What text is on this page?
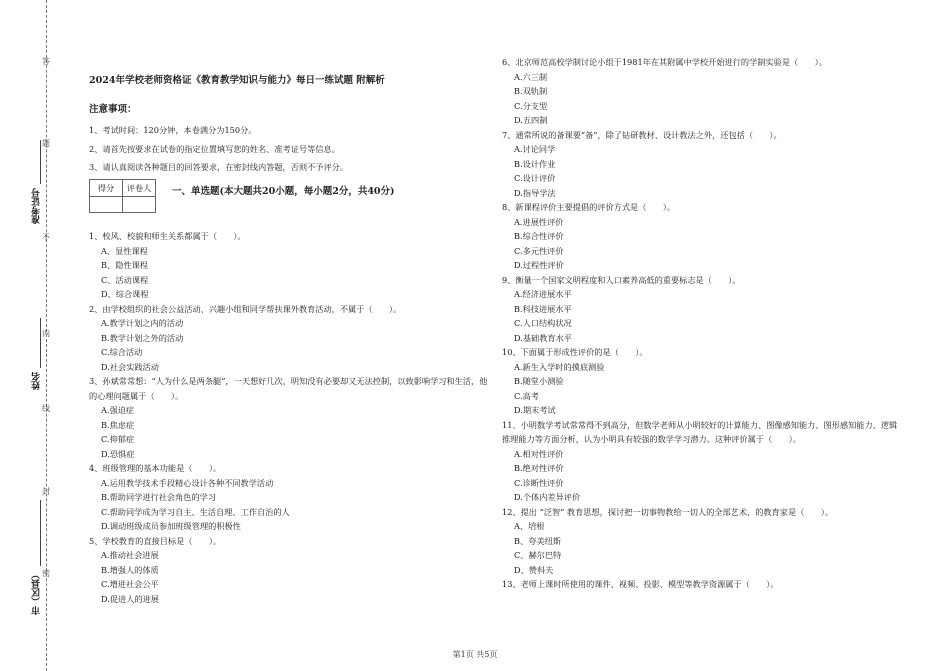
答
题
不
内
线
封
密
准考证号
姓名
市（区县）
2024年学校老师资格证《教育教学知识与能力》每日一练试题 附解析
注意事项：
1、考试时间：120分钟，本卷满分为150分。
2、请首先按要求在试卷的指定位置填写您的姓名、准考证号等信息。
3、请认真阅读各种题目的回答要求，在密封线内答题，否则不予评分。
得分	评卷人
	一、单选题(本大题共20小题，每小题2分，共40分)
1、校风、校貌和师生关系都属于（　　）。
A、显性课程
B、隐性课程
C、活动课程
D、综合课程
2、由学校组织的社会公益活动、兴趣小组和同学帮扶课外教育活动，不属于（　　）。
A.教学计划之内的活动
B.教学计划之外的活动
C.综合活动
D.社会实践活动
3、孙斌常常想：“人为什么是两条腿”，一天想好几次，明知没有必要却又无法控制，以致影响学习和生活，他的心理问题属于（　　）。
A.强迫症
B.焦虑症
C.抑郁症
D.恐惧症
4、班级管理的基本功能是（　　）。
A.运用教学技术手段精心设计各种不同教学活动
B.帮助同学进行社会角色的学习
C.帮助同学成为学习自主、生活自理、工作自治的人
D.调动班级成员参加班级管理的积极性
5、学校教育的直接目标是（　　）。
A.推动社会进展
B.增强人的体质
C.增进社会公平
D.促进人的进展
6、北京师范高校学制讨论小组于1981年在其附属中学校开始进行的学制实验是（　　）。
A.六三制
B.双轨制
C.分支型
D.五四制
7、通常所说的备课要“备”，除了钻研教材、设计教法之外，还包括（　　）。
A.讨论同学
B.设计作业
C.设计评价
D.指导学法
8、新课程评价主要提倡的评价方式是（　　）。
A.进展性评价
B.综合性评价
C.多元性评价
D.过程性评价
9、衡量一个国家文明程度和人口素养高低的重要标志是（　　）。
A.经济进展水平
B.科技进展水平
C.人口结构状况
D.基础教育水平
10、下面属于形成性评价的是（　　）。
A.新生入学时的摸底测验
B.随堂小测验
C.高考
D.期末考试
11、小明数学考试常常得不到高分，但数学老师从小明较好的计算能力、图像感知能力、图形感知能力、逻辑推理能力等方面分析，认为小明具有较强的数学学习潜力。这种评价属于（　　）。
A.相对性评价
B.绝对性评价
C.诊断性评价
D.个体内差异评价
12、提出 “泛智” 教育思想，探讨把一切事物教给一切人的全部艺术，的教育家是（　　）。
A、培根
B、夸美纽斯
C、赫尔巴特
D、赞科夫
13、老师上课时所使用的课件、视频、投影、模型等教学资源属于（　　）。
第1页 共5页
